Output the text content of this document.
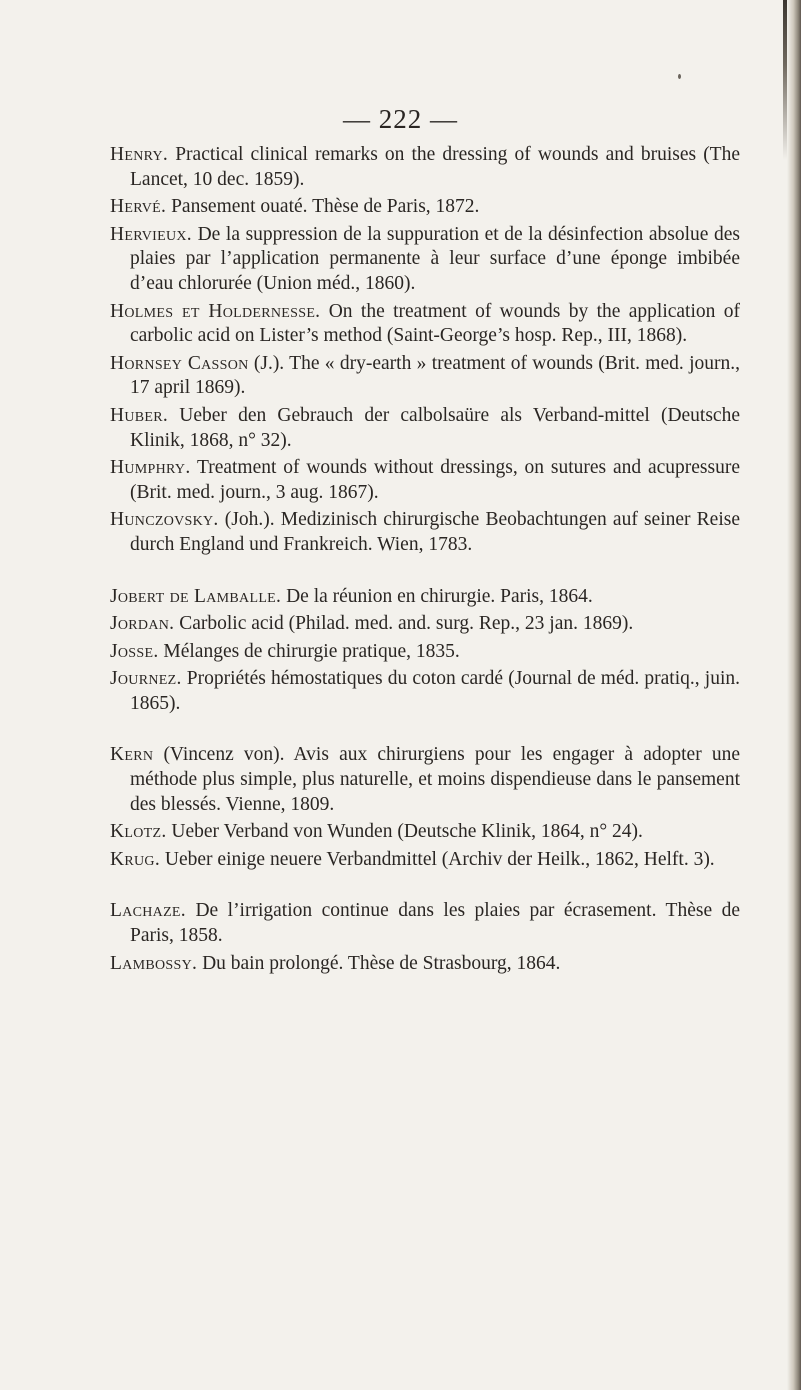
— 222 —
Henry. Practical clinical remarks on the dressing of wounds and bruises (The Lancet, 10 dec. 1859).
Hervé. Pansement ouaté. Thèse de Paris, 1872.
Hervieux. De la suppression de la suppuration et de la désinfection absolue des plaies par l’application permanente à leur surface d’une éponge imbibée d’eau chlorurée (Union méd., 1860).
Holmes et Holdernesse. On the treatment of wounds by the application of carbolic acid on Lister’s method (Saint-George’s hosp. Rep., III, 1868).
Hornsey Casson (J.). The « dry-earth » treatment of wounds (Brit. med. journ., 17 april 1869).
Huber. Ueber den Gebrauch der calbolsaüre als Verband-mittel (Deutsche Klinik, 1868, n° 32).
Humphry. Treatment of wounds without dressings, on sutures and acupressure (Brit. med. journ., 3 aug. 1867).
Hunczovsky. (Joh.). Medizinisch chirurgische Beobachtungen auf seiner Reise durch England und Frankreich. Wien, 1783.
Jobert de Lamballe. De la réunion en chirurgie. Paris, 1864.
Jordan. Carbolic acid (Philad. med. and. surg. Rep., 23 jan. 1869).
Josse. Mélanges de chirurgie pratique, 1835.
Journez. Propriétés hémostatiques du coton cardé (Journal de méd. pratiq., juin. 1865).
Kern (Vincenz von). Avis aux chirurgiens pour les engager à adopter une méthode plus simple, plus naturelle, et moins dispendieuse dans le pansement des blessés. Vienne, 1809.
Klotz. Ueber Verband von Wunden (Deutsche Klinik, 1864, n° 24).
Krug. Ueber einige neuere Verbandmittel (Archiv der Heilk., 1862, Helft. 3).
Lachaze. De l’irrigation continue dans les plaies par écrasement. Thèse de Paris, 1858.
Lambossy. Du bain prolongé. Thèse de Strasbourg, 1864.
